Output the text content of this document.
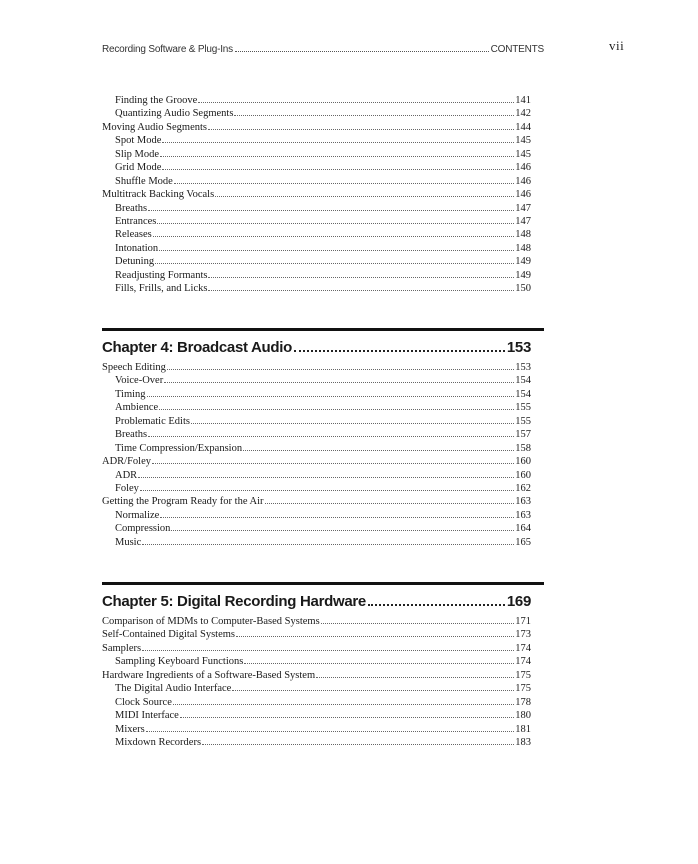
Recording Software & Plug-Ins	CONTENTS	vii
Finding the Groove	141
Quantizing Audio Segments	142
Moving Audio Segments	144
Spot Mode	145
Slip Mode	145
Grid Mode	146
Shuffle Mode	146
Multitrack Backing Vocals	146
Breaths	147
Entrances	147
Releases	148
Intonation	148
Detuning	149
Readjusting Formants	149
Fills, Frills, and Licks	150
Chapter 4: Broadcast Audio	153
Speech Editing	153
Voice-Over	154
Timing	154
Ambience	155
Problematic Edits	155
Breaths	157
Time Compression/Expansion	158
ADR/Foley	160
ADR	160
Foley	162
Getting the Program Ready for the Air	163
Normalize	163
Compression	164
Music	165
Chapter 5: Digital Recording Hardware	169
Comparison of MDMs to Computer-Based Systems	171
Self-Contained Digital Systems	173
Samplers	174
Sampling Keyboard Functions	174
Hardware Ingredients of a Software-Based System	175
The Digital Audio Interface	175
Clock Source	178
MIDI Interface	180
Mixers	181
Mixdown Recorders	183
